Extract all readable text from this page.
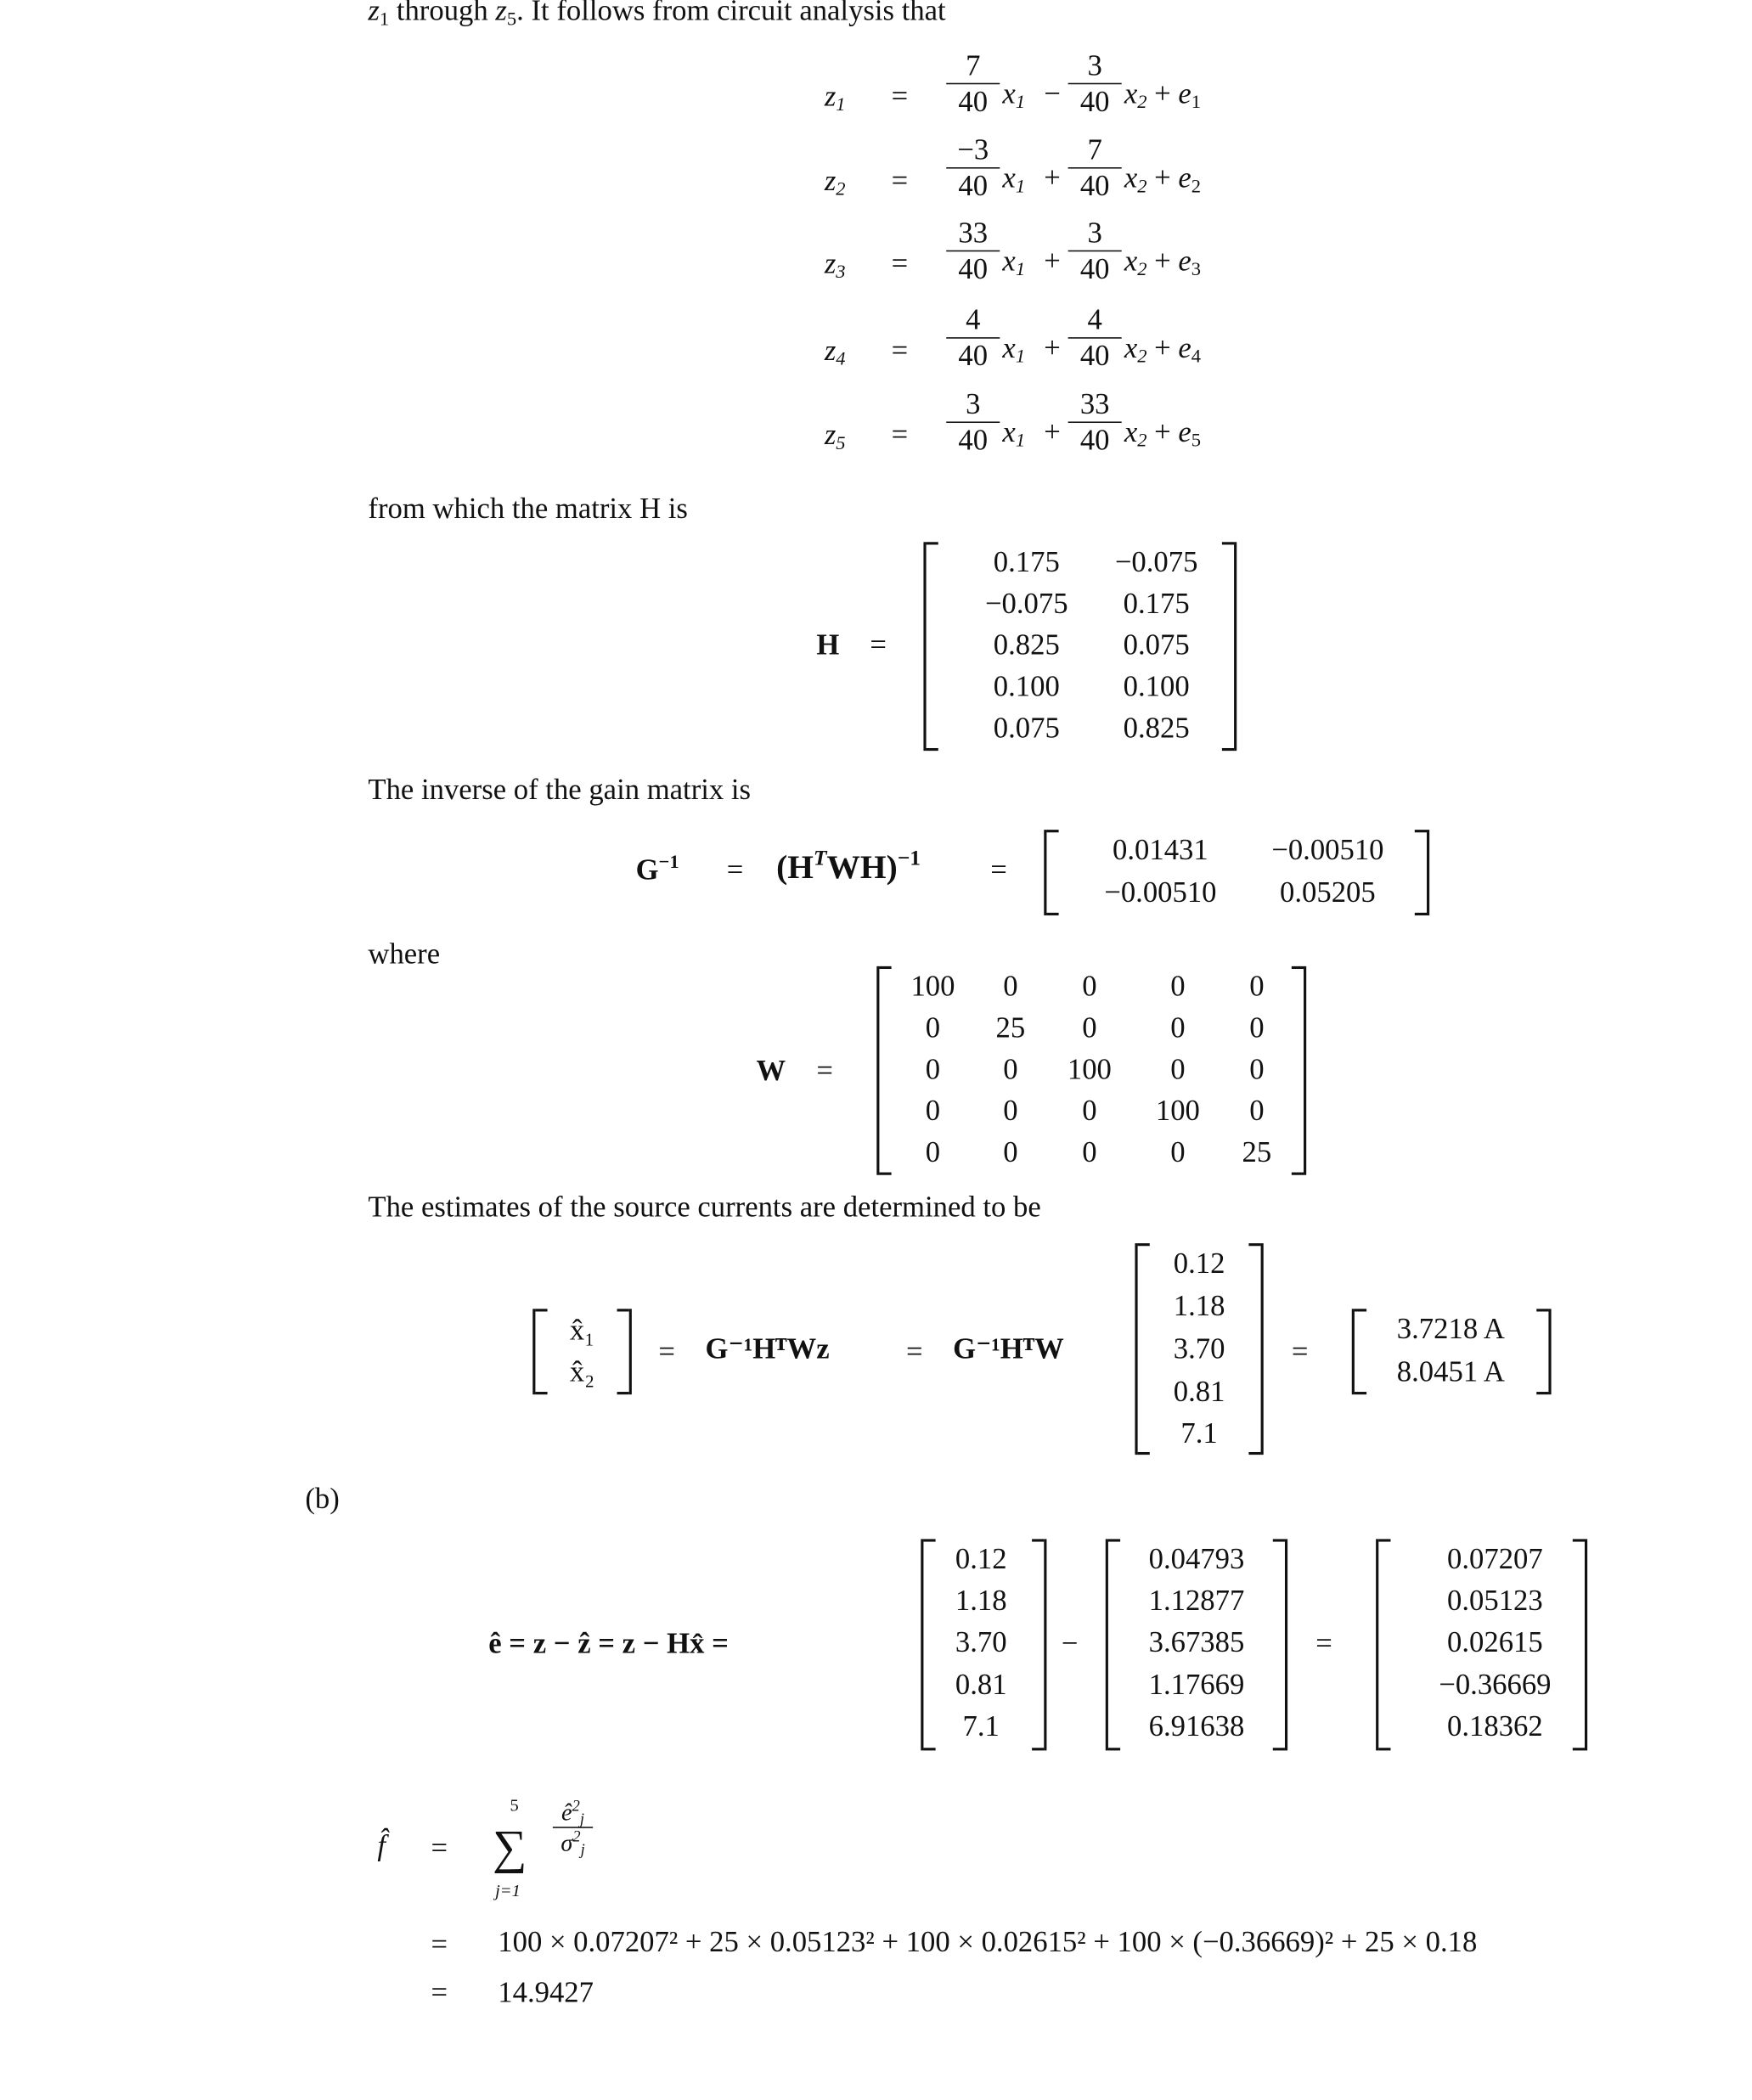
$z_1$ through $z_5$. It follows from circuit analysis that
$z_1 = \frac{7}{40} x_1 - \frac{3}{40} x_2 + e_1$
$z_2 = \frac{-3}{40} x_1 + \frac{7}{40} x_2 + e_2$
$z_3 = \frac{33}{40} x_1 + \frac{3}{40} x_2 + e_3$
$z_4 = \frac{4}{40} x_1 + \frac{4}{40} x_2 + e_4$
$z_5 = \frac{3}{40} x_1 + \frac{33}{40} x_2 + e_5$
from which the matrix H is
H =
0.175	−0.075
−0.075	0.175
0.825	0.075
0.100	0.100
0.075	0.825
The inverse of the gain matrix is
$G^{-1}$	= $(H^TWH)^{-1}$	=
0.01431	−0.00510
−0.00510	0.05205
where
W =
100	0	0	0	0
0	25	0	0	0
0	0	100	0	0
0	0	0	100	0
0	0	0	0	25
The estimates of the source currents are determined to be
x̂₁
x̂₂
= G⁻¹HᵀWz	= G⁻¹HᵀW
0.12
1.18
3.70
0.81
7.1
=
3.7218 A
8.0451 A
(b)
ê = z − ẑ = z − Hx̂ =
0.12
1.18
3.70
0.81
7.1
−
0.04793
1.12877
3.67385
1.17669
6.91638
=
0.07207
0.05123
0.02615
−0.36669
0.18362
f̂ = ∑
5
j=1
$\frac{ê^2_j}{\sigma^2_j}$
=	100 × 0.07207² + 25 × 0.05123² + 100 × 0.02615² + 100 × (−0.36669)² + 25 × 0.18
=	14.9427
